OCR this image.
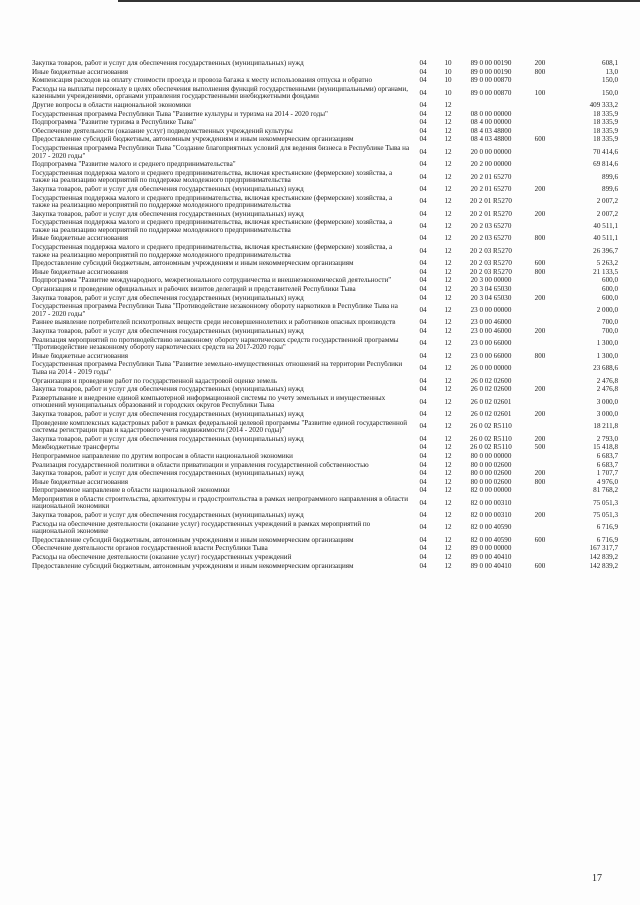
Закупка товаров, работ и услуг для обеспечения государственных (муниципальных) нужд	04	10	89 0 00 00190	200	608,1
Иные бюджетные ассигнования	04	10	89 0 00 00190	800	13,0
Компенсация расходов на оплату стоимости проезда и провоза багажа к месту использования отпуска и обратно	04	10	89 0 00 00870		150,0
Расходы на выплаты персоналу в целях обеспечения выполнения функций государственными (муниципальными) органами, казенными учреждениями, органами управления государственными внебюджетными фондами	04	10	89 0 00 00870	100	150,0
Другие вопросы в области национальной экономики	04	12			409 333,2
Государственная программа Республики Тыва "Развитие культуры и туризма на 2014 - 2020 годы"	04	12	08 0 00 00000		18 335,9
Подпрограмма "Развитие туризма в Республике Тыва"	04	12	08 4 00 00000		18 335,9
Обеспечение деятельности (оказание услуг) подведомственных учреждений культуры	04	12	08 4 03 48800		18 335,9
Предоставление субсидий бюджетным, автономным учреждениям и иным некоммерческим организациям	04	12	08 4 03 48800	600	18 335,9
Государственная программа Республики Тыва "Создание благоприятных условий для ведения бизнеса в Республике Тыва на 2017 - 2020 годы"	04	12	20 0 00 00000		70 414,6
Подпрограмма "Развитие малого и среднего предпринимательства"	04	12	20 2 00 00000		69 814,6
Государственная поддержка малого и среднего предпринимательства, включая крестьянские (фермерские) хозяйства, а также на реализацию мероприятий по поддержке молодежного предпринимательства	04	12	20 2 01 65270		899,6
Закупка товаров, работ и услуг для обеспечения государственных (муниципальных) нужд	04	12	20 2 01 65270	200	899,6
Государственная поддержка малого и среднего предпринимательства, включая крестьянские (фермерские) хозяйства, а также на реализацию мероприятий по поддержке молодежного предпринимательства	04	12	20 2 01 R5270		2 007,2
Закупка товаров, работ и услуг для обеспечения государственных (муниципальных) нужд	04	12	20 2 01 R5270	200	2 007,2
Государственная поддержка малого и среднего предпринимательства, включая крестьянские (фермерские) хозяйства, а также на реализацию мероприятий по поддержке молодежного предпринимательства	04	12	20 2 03 65270		40 511,1
Иные бюджетные ассигнования	04	12	20 2 03 65270	800	40 511,1
Государственная поддержка малого и среднего предпринимательства, включая крестьянские (фермерские) хозяйства, а также на реализацию мероприятий по поддержке молодежного предпринимательства	04	12	20 2 03 R5270		26 396,7
Предоставление субсидий бюджетным, автономным учреждениям и иным некоммерческим организациям	04	12	20 2 03 R5270	600	5 263,2
Иные бюджетные ассигнования	04	12	20 2 03 R5270	800	21 133,5
Подпрограмма "Развитие международного, межрегионального сотрудничества и внешнеэкономической деятельности"	04	12	20 3 00 00000		600,0
Организация и проведение официальных и рабочих визитов делегаций и представителей Республики Тыва	04	12	20 3 04 65030		600,0
Закупка товаров, работ и услуг для обеспечения государственных (муниципальных) нужд	04	12	20 3 04 65030	200	600,0
Государственная программа Республики Тыва "Противодействие незаконному обороту наркотиков в Республике Тыва на 2017 - 2020 годы"	04	12	23 0 00 00000		2 000,0
Раннее выявление потребителей психотропных веществ среди несовершеннолетних и работников опасных производств	04	12	23 0 00 46000		700,0
Закупка товаров, работ и услуг для обеспечения государственных (муниципальных) нужд	04	12	23 0 00 46000	200	700,0
Реализация мероприятий по противодействию незаконному обороту наркотических средств государственной программы "Противодействие незаконному обороту наркотических средств на 2017-2020 годы"	04	12	23 0 00 66000		1 300,0
Иные бюджетные ассигнования	04	12	23 0 00 66000	800	1 300,0
Государственная программа Республики Тыва "Развитие земельно-имущественных отношений на территории Республики Тыва на 2014 - 2019 годы"	04	12	26 0 00 00000		23 688,6
Организация и проведение работ по государственной кадастровой оценке земель	04	12	26 0 02 02600		2 476,8
Закупка товаров, работ и услуг для обеспечения государственных (муниципальных) нужд	04	12	26 0 02 02600	200	2 476,8
Развертывание и внедрение единой компьютерной информационной системы по учету земельных и имущественных отношений муниципальных образований и городских округов Республики Тыва	04	12	26 0 02 02601		3 000,0
Закупка товаров, работ и услуг для обеспечения государственных (муниципальных) нужд	04	12	26 0 02 02601	200	3 000,0
Проведение комплексных кадастровых работ в рамках федеральной целевой программы "Развитие единой государственной системы регистрации прав и кадастрового учета недвижимости (2014 - 2020 годы)"	04	12	26 0 02 R5110		18 211,8
Закупка товаров, работ и услуг для обеспечения государственных (муниципальных) нужд	04	12	26 0 02 R5110	200	2 793,0
Межбюджетные трансферты	04	12	26 0 02 R5110	500	15 418,8
Непрограммное направление по другим вопросам в области национальной экономики	04	12	80 0 00 00000		6 683,7
Реализация государственной политики в области приватизации и управления государственной собственностью	04	12	80 0 00 02600		6 683,7
Закупка товаров, работ и услуг для обеспечения государственных (муниципальных) нужд	04	12	80 0 00 02600	200	1 707,7
Иные бюджетные ассигнования	04	12	80 0 00 02600	800	4 976,0
Непрограммное направление в области национальной экономики	04	12	82 0 00 00000		81 768,2
Мероприятия в области строительства, архитектуры и градостроительства в рамках непрограммного направления в области национальной экономики	04	12	82 0 00 00310		75 051,3
Закупка товаров, работ и услуг для обеспечения государственных (муниципальных) нужд	04	12	82 0 00 00310	200	75 051,3
Расходы на обеспечение деятельности (оказание услуг) государственных учреждений в рамках мероприятий по национальной экономике	04	12	82 0 00 40590		6 716,9
Предоставление субсидий бюджетным, автономным учреждениям и иным некоммерческим организациям	04	12	82 0 00 40590	600	6 716,9
Обеспечение деятельности органов государственной власти Республики Тыва	04	12	89 0 00 00000		167 317,7
Расходы на обеспечение деятельности (оказание услуг) государственных учреждений	04	12	89 0 00 40410		142 839,2
Предоставление субсидий бюджетным, автономным учреждениям и иным некоммерческим организациям	04	12	89 0 00 40410	600	142 839,2
17
